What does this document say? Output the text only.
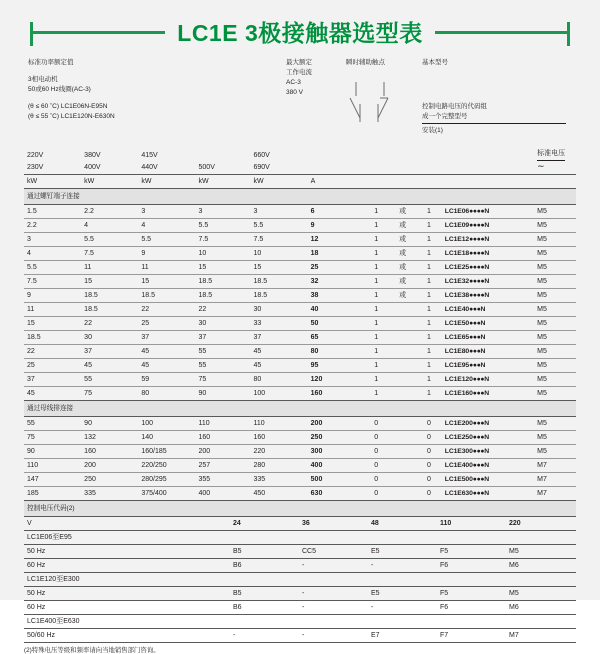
LC1E 3极接触器选型表
标准功率额定值
3相电动机
50或60 Hz线圈(AC-3)
(θ ≤ 60 ˚C) LC1E06N-E95N
(θ ≤ 55 ˚C) LC1E120N-E630N
最大额定
工作电流
AC-3
380 V
瞬时辅助触点	基本型号
控制电路电压的代码组
成一个完整型号
安装(1)
220V	380V	415V		660V						标准电压
230V	400V	440V	500V	690V						∼
kW	kW	kW	kW	kW	A					
通过螺钉端子连接										
1.5	2.2	3	3	3	6	1	或	1	LC1E06●●●●N	M5
2.2	4	4	5.5	5.5	9	1	或	1	LC1E09●●●●N	M5
3	5.5	5.5	7.5	7.5	12	1	或	1	LC1E12●●●●N	M5
4	7.5	9	10	10	18	1	或	1	LC1E18●●●●N	M5
5.5	11	11	15	15	25	1	或	1	LC1E25●●●●N	M5
7.5	15	15	18.5	18.5	32	1	或	1	LC1E32●●●●N	M5
9	18.5	18.5	18.5	18.5	38	1	或	1	LC1E38●●●●N	M5
11	18.5	22	22	30	40	1		1	LC1E40●●●N	M5
15	22	25	30	33	50	1		1	LC1E50●●●N	M5
18.5	30	37	37	37	65	1		1	LC1E65●●●N	M5
22	37	45	55	45	80	1		1	LC1E80●●●N	M5
25	45	45	55	45	95	1		1	LC1E95●●●N	M5
37	55	59	75	80	120	1		1	LC1E120●●●N	M5
45	75	80	90	100	160	1		1	LC1E160●●●N	M5
通过母线排连接										
55	90	100	110	110	200	0		0	LC1E200●●●N	M5
75	132	140	160	160	250	0		0	LC1E250●●●N	M5
90	160	160/185	200	220	300	0		0	LC1E300●●●N	M5
110	200	220/250	257	280	400	0		0	LC1E400●●●N	M7
147	250	280/295	355	335	500	0		0	LC1E500●●●N	M7
185	335	375/400	400	450	630	0		0	LC1E630●●●N	M7
控制电压代码(2)					
V	24	36	48	110	220
LC1E06至E95					
50 Hz	B5	CC5	E5	F5	M5
60 Hz	B6	-	-	F6	M6
LC1E120至E300					
50 Hz	B5	-	E5	F5	M5
60 Hz	B6	-	-	F6	M6
LC1E400至E630					
50/60 Hz	-	-	E7	F7	M7
(2)特殊电压等级和频率请向当地销售部门咨询。
